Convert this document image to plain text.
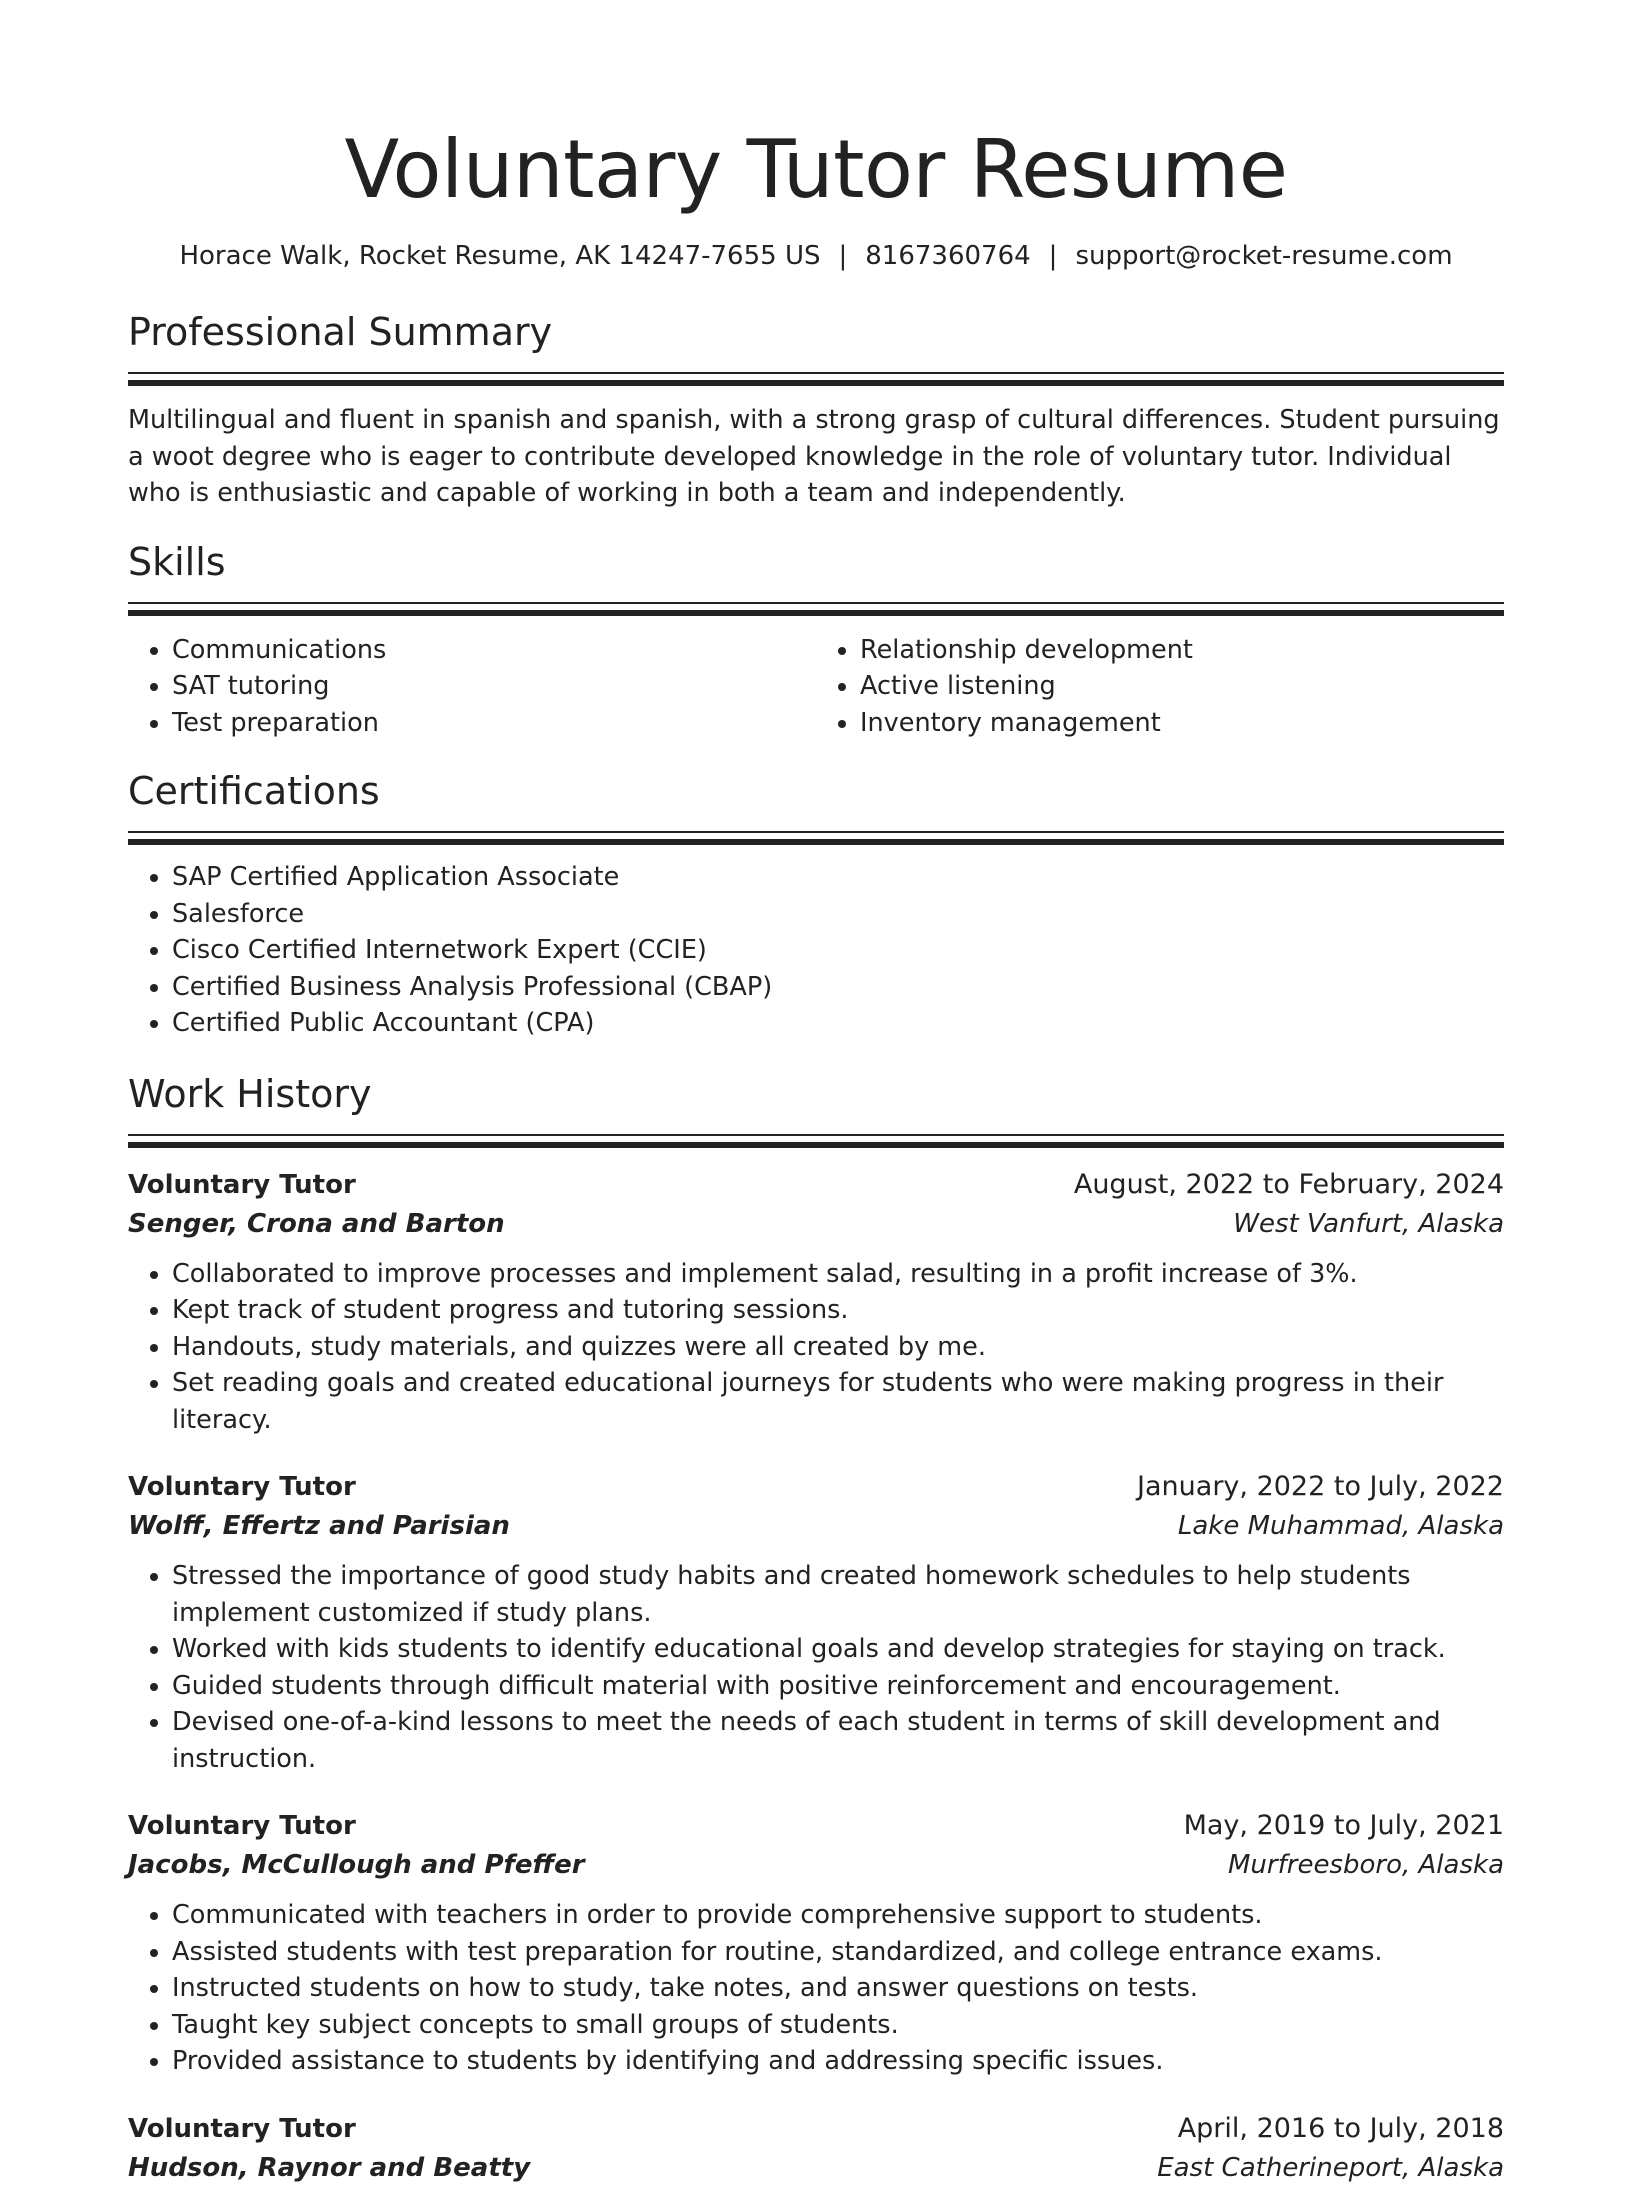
Voluntary Tutor Resume
Horace Walk, Rocket Resume, AK 14247-7655 US | 8167360764 | support@rocket-resume.com
Professional Summary

Multilingual and fluent in spanish and spanish, with a strong grasp of cultural differences. Student pursuing a woot degree who is eager to contribute developed knowledge in the role of voluntary tutor. Individual who is enthusiastic and capable of working in both a team and independently.

Skills
• Communications
• SAT tutoring
• Test preparation
• Relationship development
• Active listening
• Inventory management
Certifications
• SAP Certified Application Associate
• Salesforce
• Cisco Certified Internetwork Expert (CCIE)
• Certified Business Analysis Professional (CBAP)
• Certified Public Accountant (CPA)
Work History
Voluntary Tutor	August, 2022 to February, 2024
Senger, Crona and Barton	West Vanfurt, Alaska
• Collaborated to improve processes and implement salad, resulting in a profit increase of 3%.
• Kept track of student progress and tutoring sessions.
• Handouts, study materials, and quizzes were all created by me.
• Set reading goals and created educational journeys for students who were making progress in their literacy.
Voluntary Tutor	January, 2022 to July, 2022
Wolff, Effertz and Parisian	Lake Muhammad, Alaska
• Stressed the importance of good study habits and created homework schedules to help students implement customized if study plans.
• Worked with kids students to identify educational goals and develop strategies for staying on track.
• Guided students through difficult material with positive reinforcement and encouragement.
• Devised one-of-a-kind lessons to meet the needs of each student in terms of skill development and instruction.
Voluntary Tutor	May, 2019 to July, 2021
Jacobs, McCullough and Pfeffer	Murfreesboro, Alaska
• Communicated with teachers in order to provide comprehensive support to students.
• Assisted students with test preparation for routine, standardized, and college entrance exams.
• Instructed students on how to study, take notes, and answer questions on tests.
• Taught key subject concepts to small groups of students.
• Provided assistance to students by identifying and addressing specific issues.
Voluntary Tutor	April, 2016 to July, 2018
Hudson, Raynor and Beatty	East Catherineport, Alaska
